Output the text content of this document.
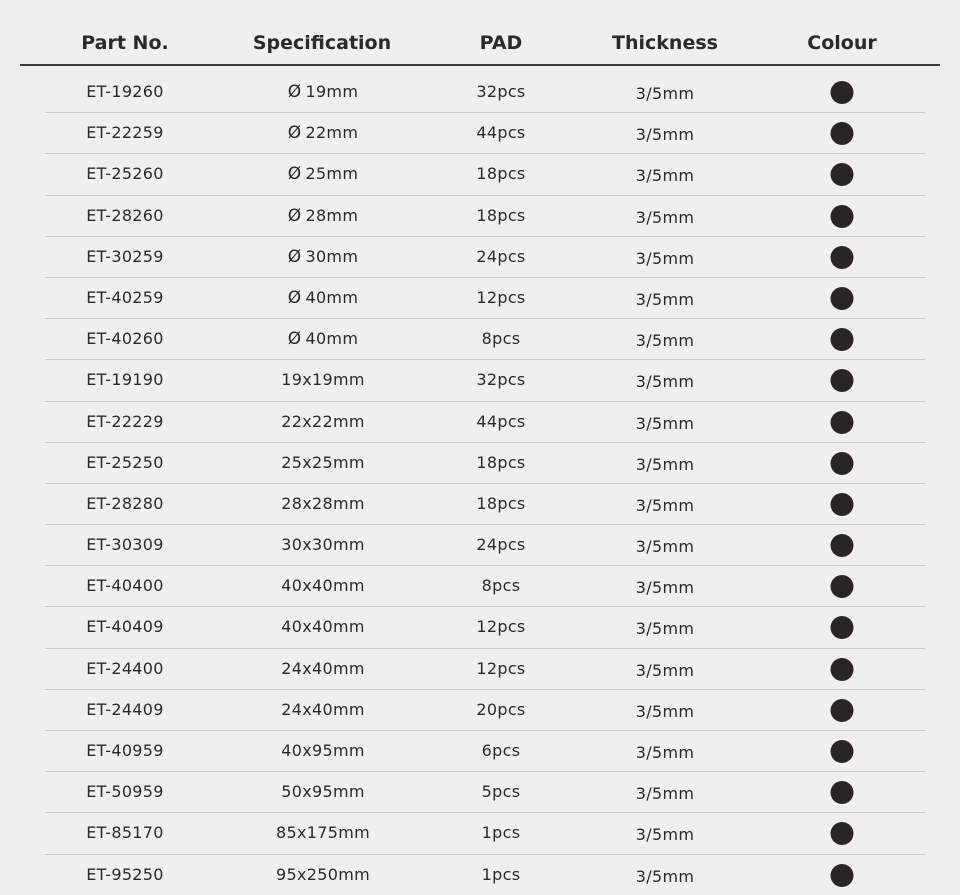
Part No.	Specification	PAD	Thickness	Colour
ET-19260	Ø 19mm	32pcs	3/5mm
ET-22259	Ø 22mm	44pcs	3/5mm
ET-25260	Ø 25mm	18pcs	3/5mm
ET-28260	Ø 28mm	18pcs	3/5mm
ET-30259	Ø 30mm	24pcs	3/5mm
ET-40259	Ø 40mm	12pcs	3/5mm
ET-40260	Ø 40mm	8pcs	3/5mm
ET-19190	19x19mm	32pcs	3/5mm
ET-22229	22x22mm	44pcs	3/5mm
ET-25250	25x25mm	18pcs	3/5mm
ET-28280	28x28mm	18pcs	3/5mm
ET-30309	30x30mm	24pcs	3/5mm
ET-40400	40x40mm	8pcs	3/5mm
ET-40409	40x40mm	12pcs	3/5mm
ET-24400	24x40mm	12pcs	3/5mm
ET-24409	24x40mm	20pcs	3/5mm
ET-40959	40x95mm	6pcs	3/5mm
ET-50959	50x95mm	5pcs	3/5mm
ET-85170	85x175mm	1pcs	3/5mm
ET-95250	95x250mm	1pcs	3/5mm
